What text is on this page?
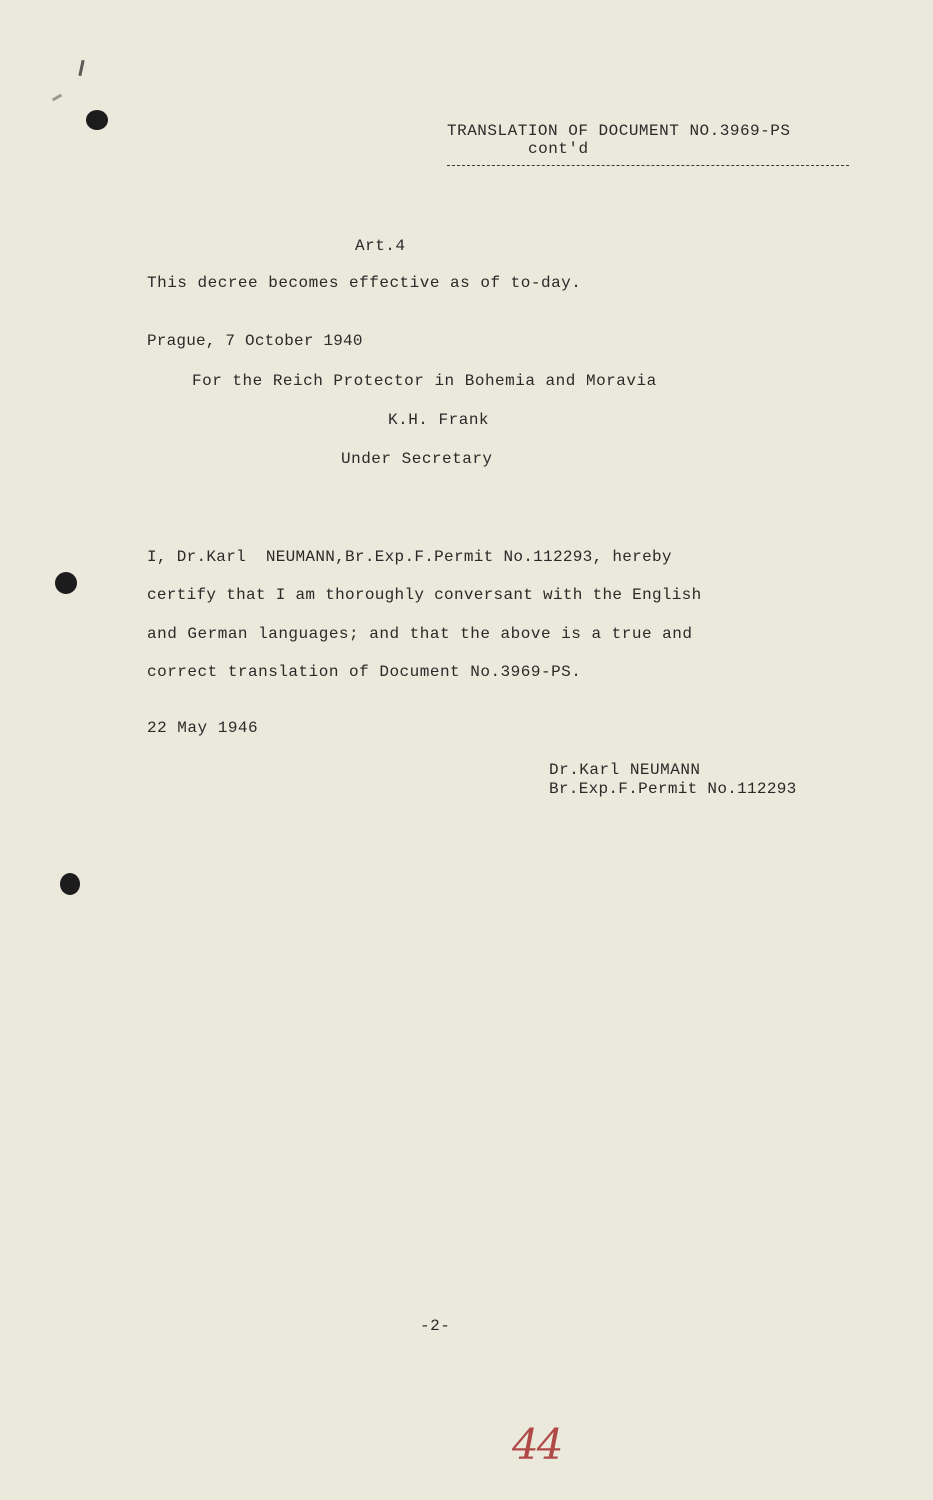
TRANSLATION OF DOCUMENT NO.3969-PS
cont'd
Art.4
This decree becomes effective as of to-day.
Prague, 7 October 1940
For the Reich Protector in Bohemia and Moravia
K.H. Frank
Under Secretary
I, Dr.Karl  NEUMANN,Br.Exp.F.Permit No.112293, hereby
certify that I am thoroughly conversant with the English
and German languages; and that the above is a true and
correct translation of Document No.3969-PS.
22 May 1946
Dr.Karl NEUMANN
Br.Exp.F.Permit No.112293
-2-
44
